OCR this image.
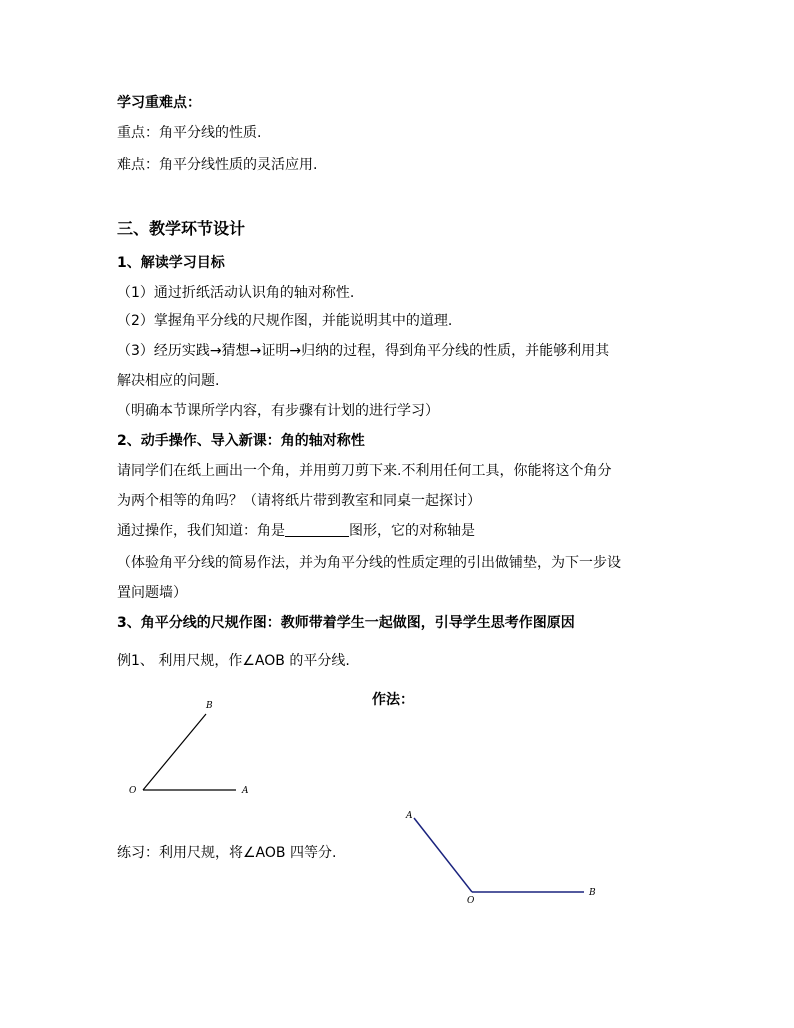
学习重难点：
重点：角平分线的性质.
难点：角平分线性质的灵活应用.
三、教学环节设计
1、解读学习目标
（1）通过折纸活动认识角的轴对称性.
（2）掌握角平分线的尺规作图，并能说明其中的道理.
（3）经历实践→猜想→证明→归纳的过程，得到角平分线的性质，并能够利用其
解决相应的问题.
（明确本节课所学内容，有步骤有计划的进行学习）
2、动手操作、导入新课：角的轴对称性
请同学们在纸上画出一个角，并用剪刀剪下来.不利用任何工具，你能将这个角分
为两个相等的角吗？（请将纸片带到教室和同桌一起探讨）
通过操作，我们知道：角是	图形，它的对称轴是
（体验角平分线的简易作法，并为角平分线的性质定理的引出做铺垫，为下一步设
置问题墙）
3、角平分线的尺规作图：教师带着学生一起做图，引导学生思考作图原因
例1、 利用尺规，作∠AOB 的平分线.
作法：
练习：利用尺规，将∠AOB 四等分.
O	A
B
A
O
B
